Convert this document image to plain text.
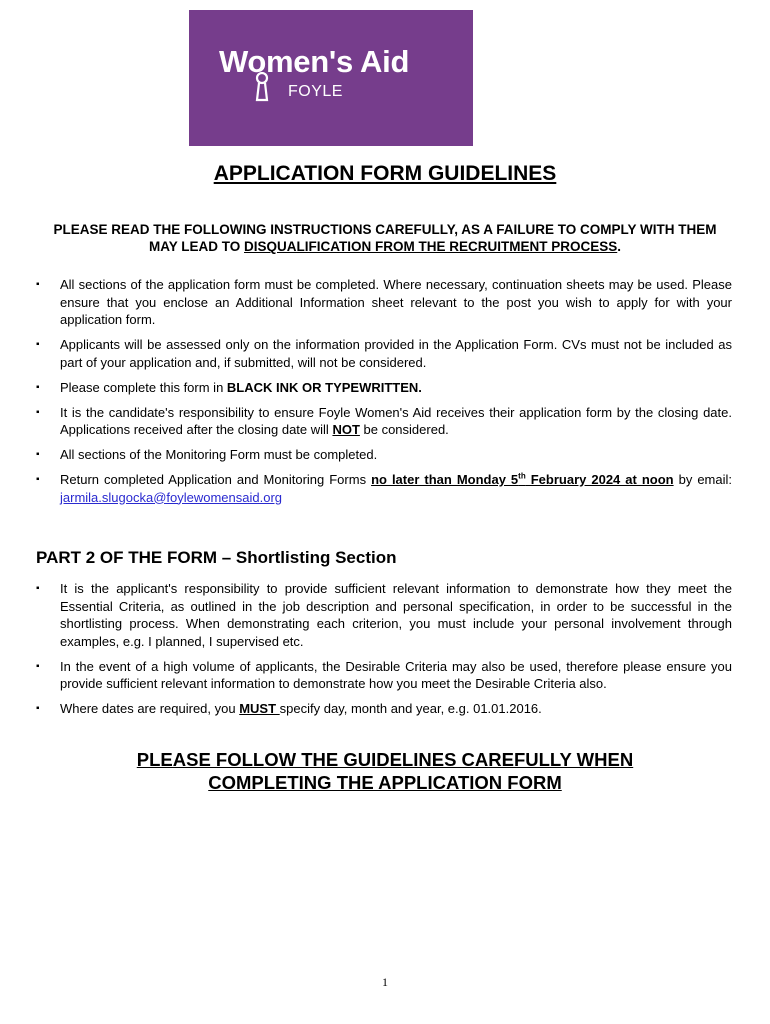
Women's Aid
FOYLE
APPLICATION FORM GUIDELINES

PLEASE READ THE FOLLOWING INSTRUCTIONS CAREFULLY, AS A FAILURE TO COMPLY WITH THEM MAY LEAD TO DISQUALIFICATION FROM THE RECRUITMENT PROCESS.

▪ All sections of the application form must be completed. Where necessary, continuation sheets may be used. Please ensure that you enclose an Additional Information sheet relevant to the post you wish to apply for with your application form.
▪ Applicants will be assessed only on the information provided in the Application Form. CVs must not be included as part of your application and, if submitted, will not be considered.
▪ Please complete this form in BLACK INK OR TYPEWRITTEN.
▪ It is the candidate's responsibility to ensure Foyle Women's Aid receives their application form by the closing date. Applications received after the closing date will NOT be considered.
▪ All sections of the Monitoring Form must be completed.
▪ Return completed Application and Monitoring Forms no later than Monday 5th February 2024 at noon by email: jarmila.slugocka@foylewomensaid.org
PART 2 OF THE FORM – Shortlisting Section
▪ It is the applicant's responsibility to provide sufficient relevant information to demonstrate how they meet the Essential Criteria, as outlined in the job description and personal specification, in order to be successful in the shortlisting process. When demonstrating each criterion, you must include your personal involvement through examples, e.g. I planned, I supervised etc.
▪ In the event of a high volume of applicants, the Desirable Criteria may also be used, therefore please ensure you provide sufficient relevant information to demonstrate how you meet the Desirable Criteria also.
▪ Where dates are required, you MUST specify day, month and year, e.g. 01.01.2016.

PLEASE FOLLOW THE GUIDELINES CAREFULLY WHEN
COMPLETING THE APPLICATION FORM

1
